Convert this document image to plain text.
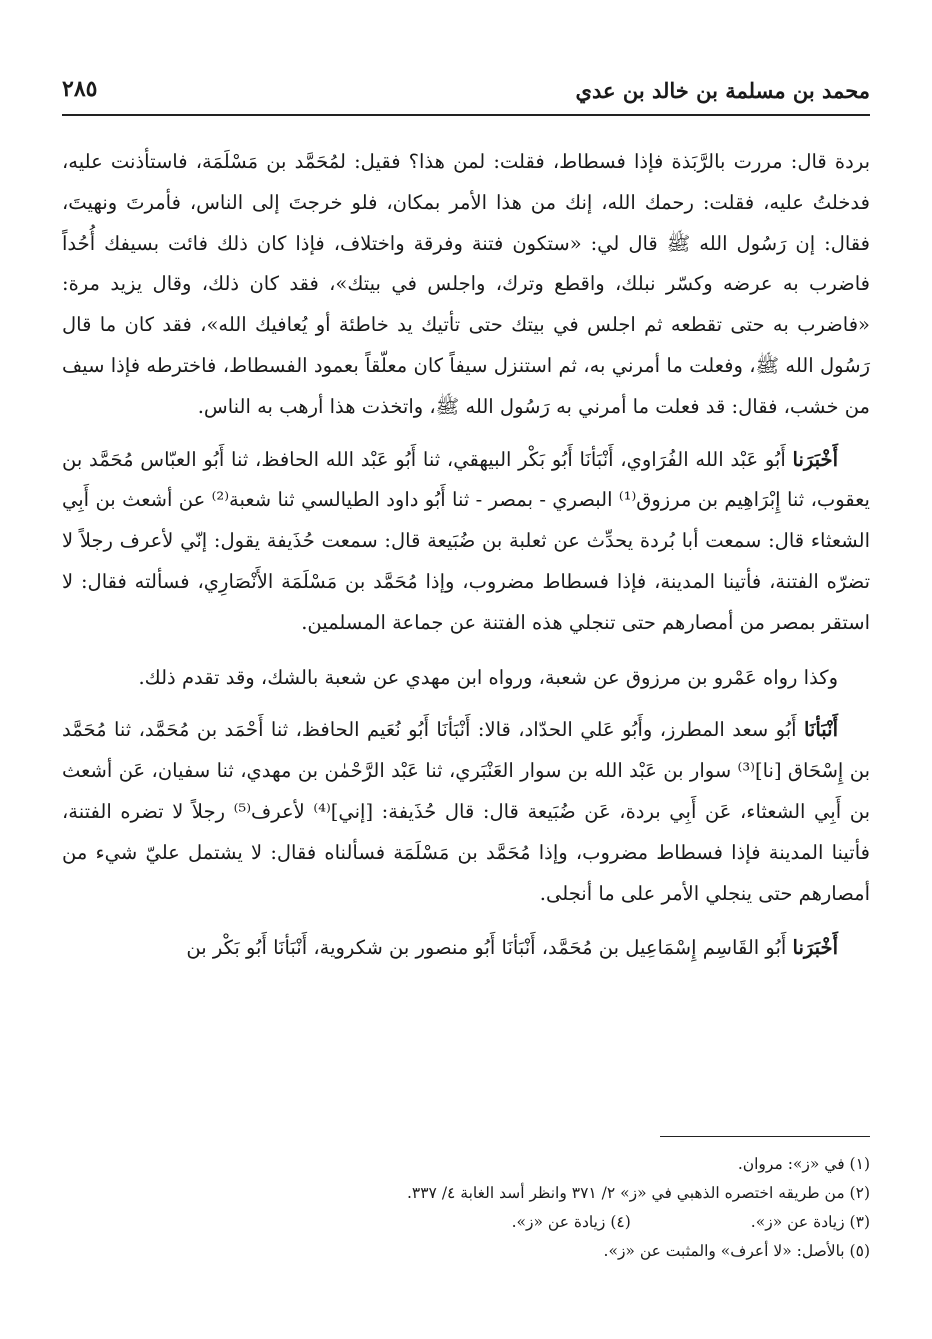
محمد بن مسلمة بن خالد بن عدي
٢٨٥

بردة قال: مررت بالرَّبَذة فإذا فسطاط، فقلت: لمن هذا؟ فقيل: لمُحَمَّد بن مَسْلَمَة، فاستأذنت عليه، فدخلتُ عليه، فقلت: رحمك الله، إنك من هذا الأمر بمكان، فلو خرجتَ إلى الناس، فأمرتَ ونهيتَ، فقال: إن رَسُول الله ﷺ قال لي: «ستكون فتنة وفرقة واختلاف، فإذا كان ذلك فائت بسيفك أُحُداً فاضرب به عرضه وكسّر نبلك، واقطع وترك، واجلس في بيتك»، فقد كان ذلك، وقال يزيد مرة: «فاضرب به حتى تقطعه ثم اجلس في بيتك حتى تأتيك يد خاطئة أو يُعافيك الله»، فقد كان ما قال رَسُول الله ﷺ، وفعلت ما أمرني به، ثم استنزل سيفاً كان معلّقاً بعمود الفسطاط، فاخترطه فإذا سيف من خشب، فقال: قد فعلت ما أمرني به رَسُول الله ﷺ، واتخذت هذا أرهب به الناس.

أَخْبَرَنا أَبُو عَبْد الله الفُرَاوي، أَنْبَأنَا أَبُو بَكْر البيهقي، ثنا أَبُو عَبْد الله الحافظ، ثنا أَبُو العبّاس مُحَمَّد بن يعقوب، ثنا إِبْرَاهِيم بن مرزوق⁽¹⁾ البصري - بمصر - ثنا أَبُو داود الطيالسي ثنا شعبة⁽²⁾ عن أشعث بن أَبِي الشعثاء قال: سمعت أبا بُردة يحدِّث عن ثعلبة بن ضُبَيعة قال: سمعت حُذَيفة يقول: إنّي لأعرف رجلاً لا تضرّه الفتنة، فأتينا المدينة، فإذا فسطاط مضروب، وإذا مُحَمَّد بن مَسْلَمَة الأَنْصَارِي، فسألته فقال: لا استقر بمصر من أمصارهم حتى تنجلي هذه الفتنة عن جماعة المسلمين.

وكذا رواه عَمْرو بن مرزوق عن شعبة، ورواه ابن مهدي عن شعبة بالشك، وقد تقدم ذلك.

أَنْبَأنَا أَبُو سعد المطرز، وأَبُو عَلي الحدّاد، قالا: أَنْبَأنَا أَبُو نُعَيم الحافظ، ثنا أَحْمَد بن مُحَمَّد، ثنا مُحَمَّد بن إِسْحَاق [نا]⁽³⁾ سوار بن عَبْد الله بن سوار العَنْبَري، ثنا عَبْد الرَّحْمٰن بن مهدي، ثنا سفيان، عَن أشعث بن أَبِي الشعثاء، عَن أَبِي بردة، عَن ضُبَيعة قال: قال حُذَيفة: [إني]⁽⁴⁾ لأعرف⁽⁵⁾ رجلاً لا تضره الفتنة، فأتينا المدينة فإذا فسطاط مضروب، وإذا مُحَمَّد بن مَسْلَمَة فسألناه فقال: لا يشتمل عليّ شيء من أمصارهم حتى ينجلي الأمر على ما أنجلى.

أَخْبَرَنا أَبُو القَاسِم إِسْمَاعِيل بن مُحَمَّد، أَنْبَأنَا أَبُو منصور بن شكروية، أَنْبَأنَا أَبُو بَكْر بن

(١) في «ز»: مروان.
(٢) من طريقه اختصره الذهبي في «ز» ٢/ ٣٧١ وانظر أسد الغابة ٤/ ٣٣٧.
(٣) زيادة عن «ز».
(٤) زيادة عن «ز».
(٥) بالأصل: «لا أعرف» والمثبت عن «ز».
